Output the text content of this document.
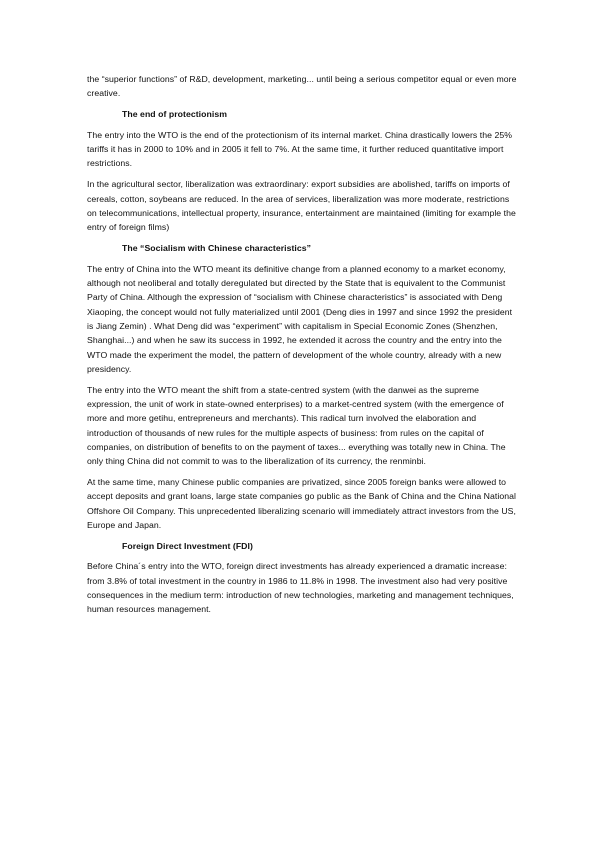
the “superior functions” of R&D, development, marketing... until being a serious competitor equal or even more creative.

The end of protectionism

The entry into the WTO is the end of the protectionism of its internal market. China drastically lowers the 25% tariffs it has in 2000 to 10% and in 2005 it fell to 7%. At the same time, it further reduced quantitative import restrictions.

In the agricultural sector, liberalization was extraordinary: export subsidies are abolished, tariffs on imports of cereals, cotton, soybeans are reduced. In the area of services, liberalization was more moderate, restrictions on telecommunications, intellectual property, insurance, entertainment are maintained (limiting for example the entry of foreign films)

The “Socialism with Chinese characteristics”

The entry of China into the WTO meant its definitive change from a planned economy to a market economy, although not neoliberal and totally deregulated but directed by the State that is equivalent to the Communist Party of China. Although the expression of “socialism with Chinese characteristics” is associated with Deng Xiaoping, the concept would not fully materialized until 2001 (Deng dies in 1997 and since 1992 the president is Jiang Zemin) . What Deng did was “experiment” with capitalism in Special Economic Zones (Shenzhen, Shanghai...) and when he saw its success in 1992, he extended it across the country and the entry into the WTO made the experiment the model, the pattern of development of the whole country, already with a new presidency.

The entry into the WTO meant the shift from a state-centred system (with the danwei as the supreme expression, the unit of work in state-owned enterprises) to a market-centred system (with the emergence of more and more getihu, entrepreneurs and merchants). This radical turn involved the elaboration and introduction of thousands of new rules for the multiple aspects of business: from rules on the capital of companies, on distribution of benefits to on the payment of taxes... everything was totally new in China. The only thing China did not commit to was to the liberalization of its currency, the renminbi.

At the same time, many Chinese public companies are privatized, since 2005 foreign banks were allowed to accept deposits and grant loans, large state companies go public as the Bank of China and the China National Offshore Oil Company. This unprecedented liberalizing scenario will immediately attract investors from the US, Europe and Japan.

Foreign Direct Investment (FDI)

Before China´s entry into the WTO, foreign direct investments has already experienced a dramatic increase: from 3.8% of total investment in the country in 1986 to 11.8% in 1998. The investment also had very positive consequences in the medium term: introduction of new technologies, marketing and management techniques, human resources management.
